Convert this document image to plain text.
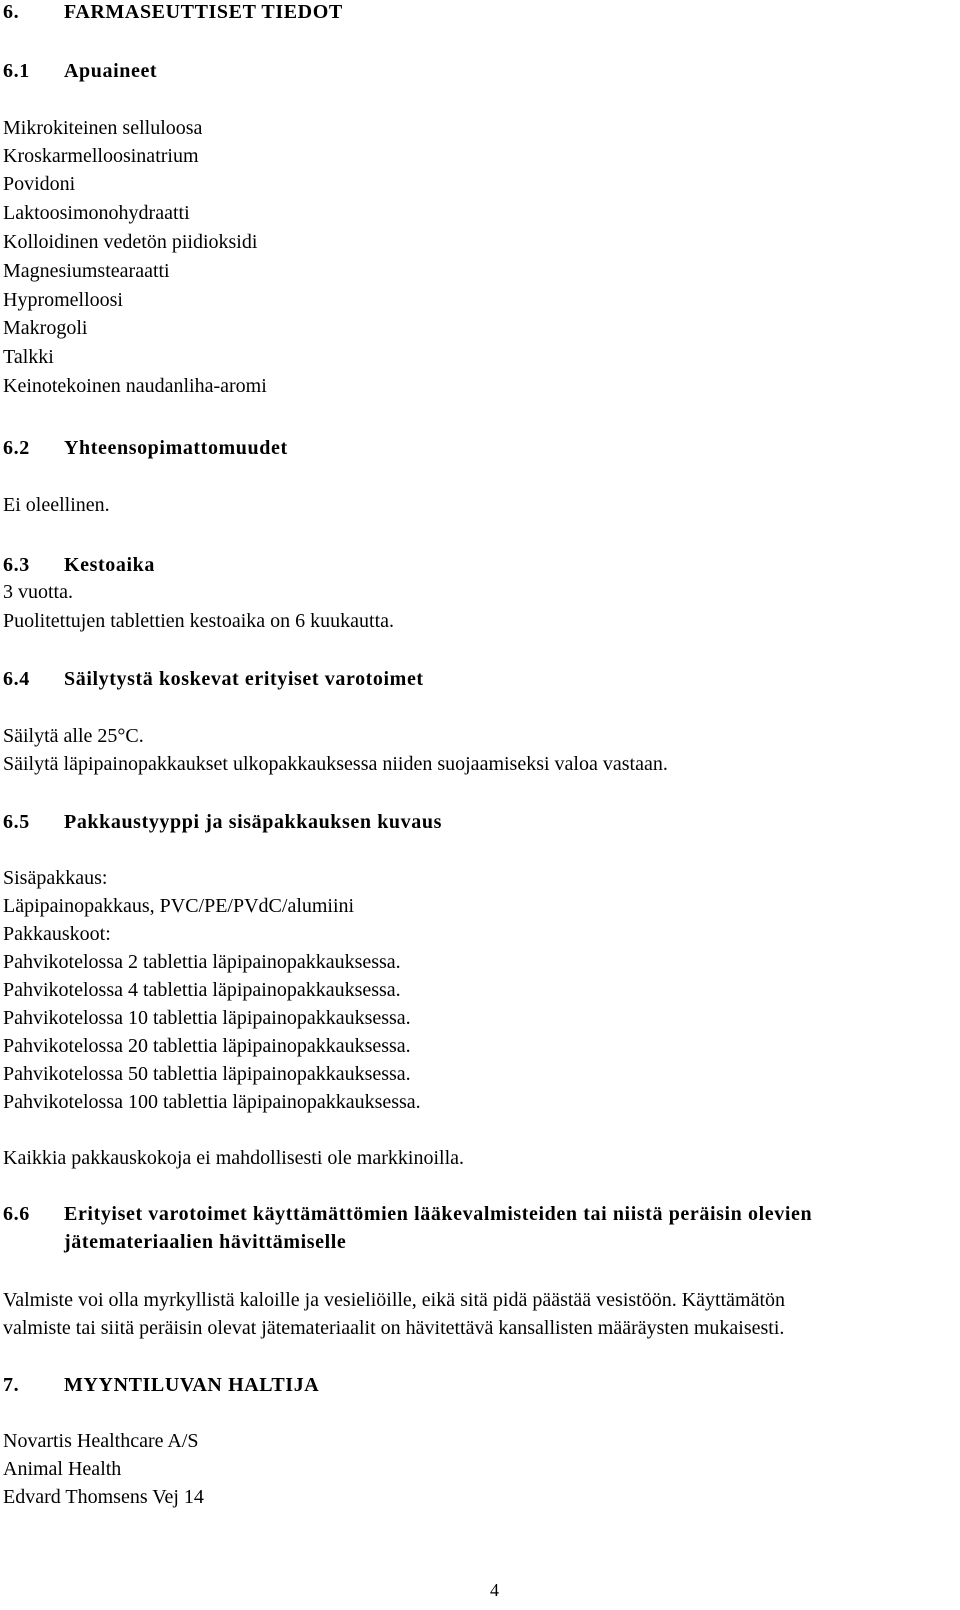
6. FARMASEUTTISET TIEDOT
6.1 Apuaineet
Mikrokiteinen selluloosa
Kroskarmelloosinatrium
Povidoni
Laktoosimonohydraatti
Kolloidinen vedetön piidioksidi
Magnesiumstearaatti
Hypromelloosi
Makrogoli
Talkki
Keinotekoinen naudanliha-aromi
6.2 Yhteensopimattomuudet
Ei oleellinen.
6.3 Kestoaika
3 vuotta.
Puolitettujen tablettien kestoaika on 6 kuukautta.
6.4 Säilytystä koskevat erityiset varotoimet
Säilytä alle 25°C.
Säilytä läpipainopakkaukset ulkopakkauksessa niiden suojaamiseksi valoa vastaan.
6.5 Pakkaustyyppi ja sisäpakkauksen kuvaus
Sisäpakkaus:
Läpipainopakkaus, PVC/PE/PVdC/alumiini
Pakkauskoot:
Pahvikotelossa 2 tablettia läpipainopakkauksessa.
Pahvikotelossa 4 tablettia läpipainopakkauksessa.
Pahvikotelossa 10 tablettia läpipainopakkauksessa.
Pahvikotelossa 20 tablettia läpipainopakkauksessa.
Pahvikotelossa 50 tablettia läpipainopakkauksessa.
Pahvikotelossa 100 tablettia läpipainopakkauksessa.
Kaikkia pakkauskokoja ei mahdollisesti ole markkinoilla.
6.6 Erityiset varotoimet käyttämättömien lääkevalmisteiden tai niistä peräisin olevien
jätemateriaalien hävittämiselle
Valmiste voi olla myrkyllistä kaloille ja vesieliöille, eikä sitä pidä päästää vesistöön. Käyttämätön
valmiste tai siitä peräisin olevat jätemateriaalit on hävitettävä kansallisten määräysten mukaisesti.
7. MYYNTILUVAN HALTIJA
Novartis Healthcare A/S
Animal Health
Edvard Thomsens Vej 14
4
